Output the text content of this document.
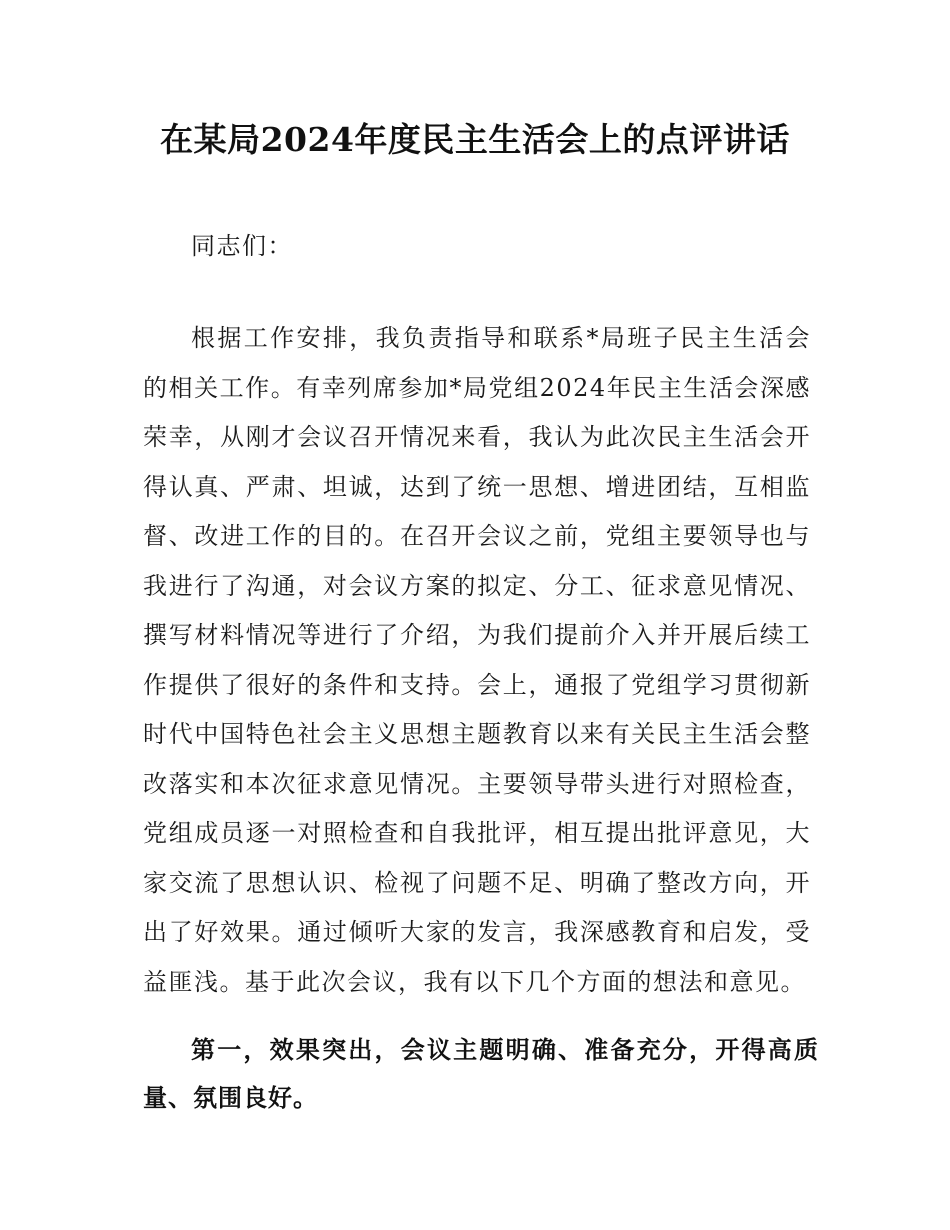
在某局2024年度民主生活会上的点评讲话
同志们：
根据工作安排，我负责指导和联系*局班子民主生活会的相关工作。有幸列席参加*局党组2024年民主生活会深感荣幸，从刚才会议召开情况来看，我认为此次民主生活会开得认真、严肃、坦诚，达到了统一思想、增进团结，互相监督、改进工作的目的。在召开会议之前，党组主要领导也与我进行了沟通，对会议方案的拟定、分工、征求意见情况、撰写材料情况等进行了介绍，为我们提前介入并开展后续工作提供了很好的条件和支持。会上，通报了党组学习贯彻新时代中国特色社会主义思想主题教育以来有关民主生活会整改落实和本次征求意见情况。主要领导带头进行对照检查，党组成员逐一对照检查和自我批评，相互提出批评意见，大家交流了思想认识、检视了问题不足、明确了整改方向，开出了好效果。通过倾听大家的发言，我深感教育和启发，受益匪浅。基于此次会议，我有以下几个方面的想法和意见。
第一，效果突出，会议主题明确、准备充分，开得高质量、氛围良好。
